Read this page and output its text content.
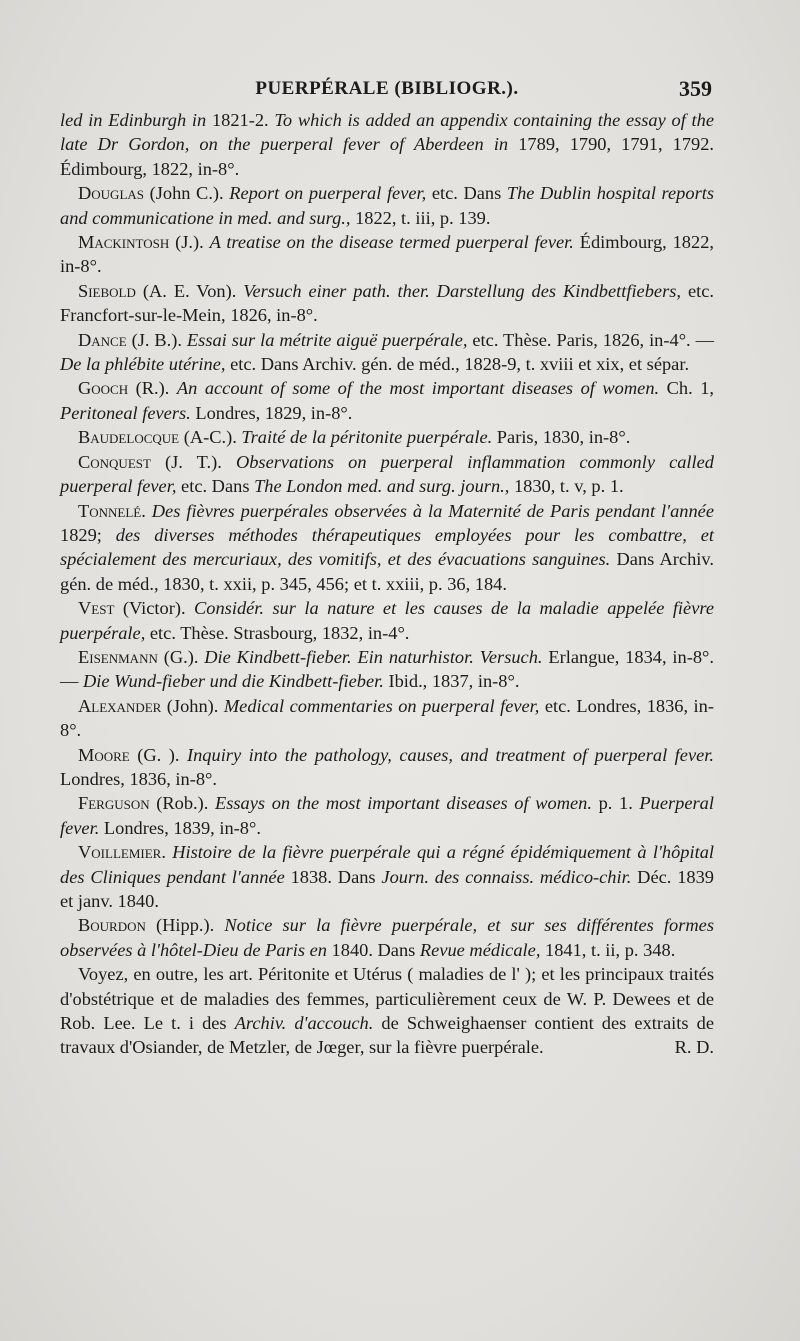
PUERPÉRALE (BIBLIOGR.).	359

led in Edinburgh in 1821-2. To which is added an appendix containing the essay of the late Dr Gordon, on the puerperal fever of Aberdeen in 1789, 1790, 1791, 1792. Édimbourg, 1822, in-8°.

Douglas (John C.). Report on puerperal fever, etc. Dans The Dublin hospital reports and communicatione in med. and surg., 1822, t. iii, p. 139.

Mackintosh (J.). A treatise on the disease termed puerperal fever. Édimbourg, 1822, in-8°.

Siebold (A. E. Von). Versuch einer path. ther. Darstellung des Kindbettfiebers, etc. Francfort-sur-le-Mein, 1826, in-8°.

Dance (J. B.). Essai sur la métrite aiguë puerpérale, etc. Thèse. Paris, 1826, in-4°. — De la phlébite utérine, etc. Dans Archiv. gén. de méd., 1828-9, t. xviii et xix, et sépar.

Gooch (R.). An account of some of the most important diseases of women. Ch. 1, Peritoneal fevers. Londres, 1829, in-8°.

Baudelocque (A-C.). Traité de la péritonite puerpérale. Paris, 1830, in-8°.

Conquest (J. T.). Observations on puerperal inflammation commonly called puerperal fever, etc. Dans The London med. and surg. journ., 1830, t. v, p. 1.

Tonnelé. Des fièvres puerpérales observées à la Maternité de Paris pendant l'année 1829; des diverses méthodes thérapeutiques employées pour les combattre, et spécialement des mercuriaux, des vomitifs, et des évacuations sanguines. Dans Archiv. gén. de méd., 1830, t. xxii, p. 345, 456; et t. xxiii, p. 36, 184.

Vest (Victor). Considér. sur la nature et les causes de la maladie appelée fièvre puerpérale, etc. Thèse. Strasbourg, 1832, in-4°.

Eisenmann (G.). Die Kindbett-fieber. Ein naturhistor. Versuch. Erlangue, 1834, in-8°. — Die Wund-fieber und die Kindbett-fieber. Ibid., 1837, in-8°.

Alexander (John). Medical commentaries on puerperal fever, etc. Londres, 1836, in-8°.

Moore (G. ). Inquiry into the pathology, causes, and treatment of puerperal fever. Londres, 1836, in-8°.

Ferguson (Rob.). Essays on the most important diseases of women. p. 1. Puerperal fever. Londres, 1839, in-8°.

Voillemier. Histoire de la fièvre puerpérale qui a régné épidémiquement à l'hôpital des Cliniques pendant l'année 1838. Dans Journ. des connaiss. médico-chir. Déc. 1839 et janv. 1840.

Bourdon (Hipp.). Notice sur la fièvre puerpérale, et sur ses différentes formes observées à l'hôtel-Dieu de Paris en 1840. Dans Revue médicale, 1841, t. ii, p. 348.

Voyez, en outre, les art. Péritonite et Utérus ( maladies de l' ); et les principaux traités d'obstétrique et de maladies des femmes, particulièrement ceux de W. P. Dewees et de Rob. Lee. Le t. i des Archiv. d'accouch. de Schweighaenser contient des extraits de travaux d'Osiander, de Metzler, de Jœger, sur la fièvre puerpérale.	R. D.
